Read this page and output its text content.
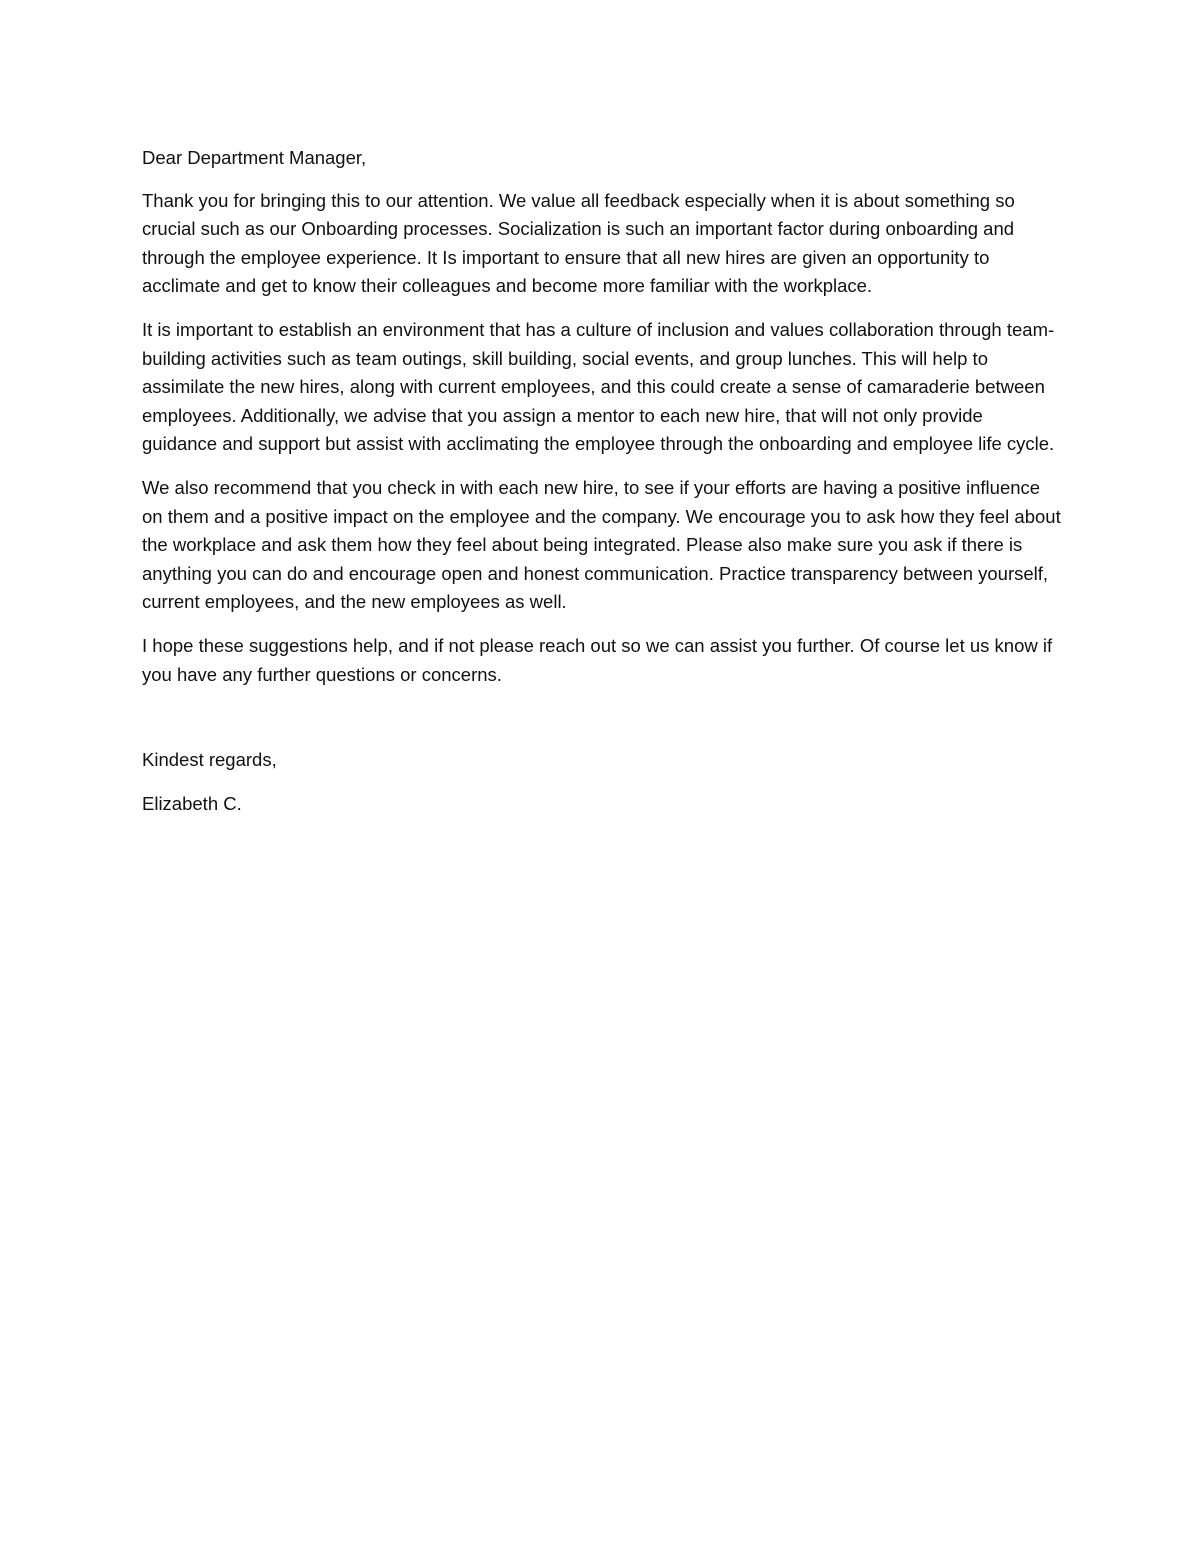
Dear Department Manager,

Thank you for bringing this to our attention. We value all feedback especially when it is about something so crucial such as our Onboarding processes. Socialization is such an important factor during onboarding and through the employee experience. It Is important to ensure that all new hires are given an opportunity to acclimate and get to know their colleagues and become more familiar with the workplace.

It is important to establish an environment that has a culture of inclusion and values collaboration through team-building activities such as team outings, skill building, social events, and group lunches. This will help to assimilate the new hires, along with current employees, and this could create a sense of camaraderie between employees. Additionally, we advise that you assign a mentor to each new hire, that will not only provide guidance and support but assist with acclimating the employee through the onboarding and employee life cycle.

We also recommend that you check in with each new hire, to see if your efforts are having a positive influence on them and a positive impact on the employee and the company. We encourage you to ask how they feel about the workplace and ask them how they feel about being integrated. Please also make sure you ask if there is anything you can do and encourage open and honest communication. Practice transparency between yourself, current employees, and the new employees as well.

I hope these suggestions help, and if not please reach out so we can assist you further. Of course let us know if you have any further questions or concerns.

Kindest regards,

Elizabeth C.
